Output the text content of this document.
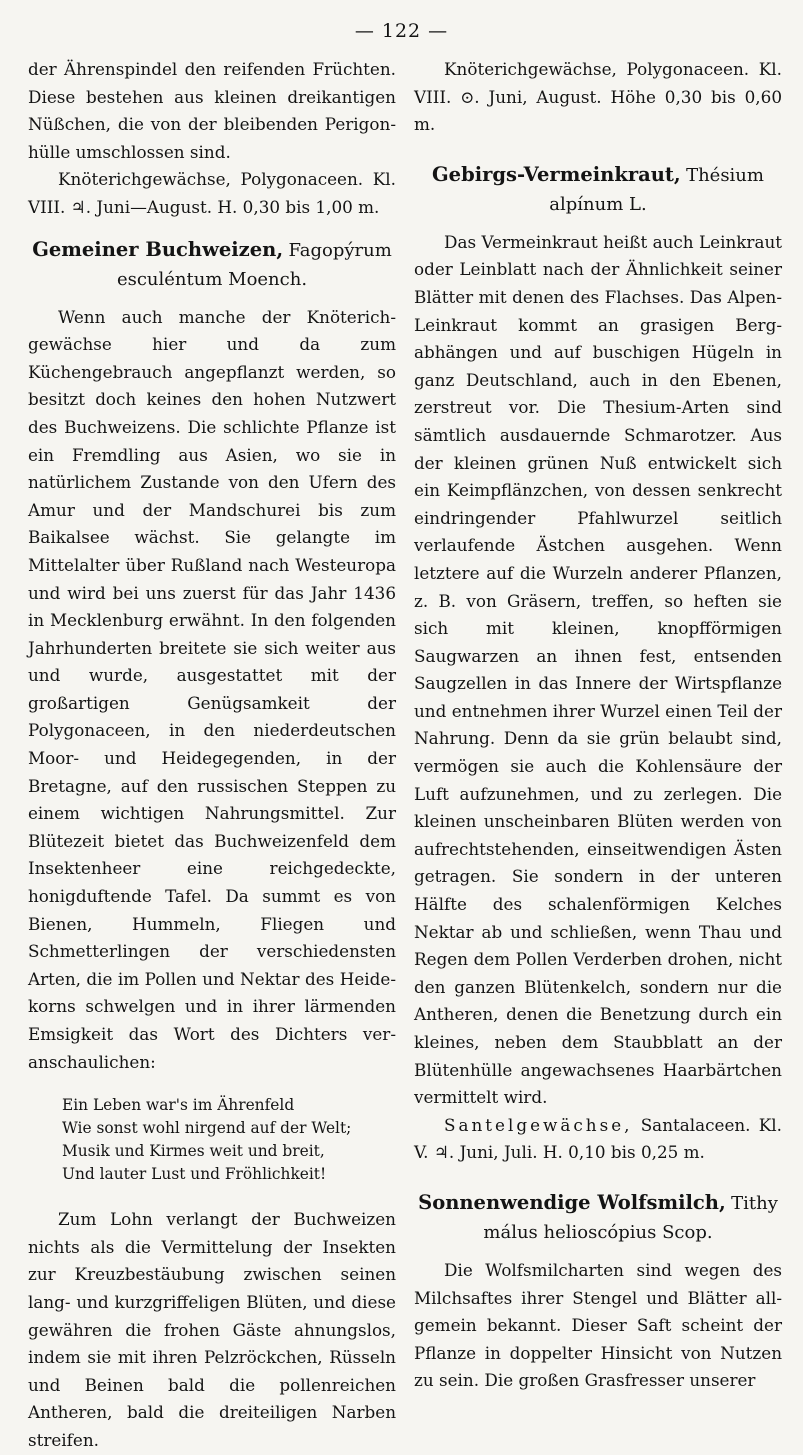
— 122 —

der Ährenspindel den reifenden Früchten. Diese bestehen aus kleinen dreikantigen Nüßchen, die von der bleibenden Perigonhülle umschlossen sind.

Knöterichgewächse, Polygonaceen. Kl. VIII. ♃. Juni—August. H. 0,30 bis 1,00 m.

Gemeiner Buchweizen, Fagopýrum esculéntum Moench.

Wenn auch manche der Knöterichgewächse hier und da zum Küchengebrauch angepflanzt werden, so besitzt doch keines den hohen Nutzwert des Buchweizens. Die schlichte Pflanze ist ein Fremdling aus Asien, wo sie in natürlichem Zustande von den Ufern des Amur und der Mandschurei bis zum Baikalsee wächst. Sie gelangte im Mittelalter über Rußland nach Westeuropa und wird bei uns zuerst für das Jahr 1436 in Mecklenburg erwähnt. In den folgenden Jahrhunderten breitete sie sich weiter aus und wurde, ausgestattet mit der großartigen Genügsamkeit der Polygonaceen, in den niederdeutschen Moor- und Heidegegenden, in der Bretagne, auf den russischen Steppen zu einem wichtigen Nahrungsmittel. Zur Blütezeit bietet das Buchweizenfeld dem Insektenheer eine reichgedeckte, honigduftende Tafel. Da summt es von Bienen, Hummeln, Fliegen und Schmetterlingen der verschiedensten Arten, die im Pollen und Nektar des Heidekorns schwelgen und in ihrer lärmenden Emsigkeit das Wort des Dichters veranschaulichen:

Ein Leben war's im Ährenfeld
Wie sonst wohl nirgend auf der Welt;
Musik und Kirmes weit und breit,
Und lauter Lust und Fröhlichkeit!

Zum Lohn verlangt der Buchweizen nichts als die Vermittelung der Insekten zur Kreuzbestäubung zwischen seinen lang- und kurzgriffeligen Blüten, und diese gewähren die frohen Gäste ahnungslos, indem sie mit ihren Pelzröckchen, Rüsseln und Beinen bald die pollenreichen Antheren, bald die dreiteiligen Narben streifen.

Knöterichgewächse, Polygonaceen. Kl. VIII. ⊙. Juni, August. Höhe 0,30 bis 0,60 m.

Gebirgs-Vermeinkraut, Thésium
alpínum L.

Das Vermeinkraut heißt auch Leinkraut oder Leinblatt nach der Ähnlichkeit seiner Blätter mit denen des Flachses. Das Alpen-Leinkraut kommt an grasigen Bergabhängen und auf buschigen Hügeln in ganz Deutschland, auch in den Ebenen, zerstreut vor. Die Thesium-Arten sind sämtlich ausdauernde Schmarotzer. Aus der kleinen grünen Nuß entwickelt sich ein Keimpflänzchen, von dessen senkrecht eindringender Pfahlwurzel seitlich verlaufende Ästchen ausgehen. Wenn letztere auf die Wurzeln anderer Pflanzen, z. B. von Gräsern, treffen, so heften sie sich mit kleinen, knopfförmigen Saugwarzen an ihnen fest, entsenden Saugzellen in das Innere der Wirtspflanze und entnehmen ihrer Wurzel einen Teil der Nahrung. Denn da sie grün belaubt sind, vermögen sie auch die Kohlensäure der Luft aufzunehmen, und zu zerlegen. Die kleinen unscheinbaren Blüten werden von aufrechtstehenden, einseitwendigen Ästen getragen. Sie sondern in der unteren Hälfte des schalenförmigen Kelches Nektar ab und schließen, wenn Thau und Regen dem Pollen Verderben drohen, nicht den ganzen Blütenkelch, sondern nur die Antheren, denen die Benetzung durch ein kleines, neben dem Staubblatt an der Blütenhülle angewachsenes Haarbärtchen vermittelt wird.

Santelgewächse, Santalaceen. Kl. V. ♃. Juni, Juli. H. 0,10 bis 0,25 m.

Sonnenwendige Wolfsmilch, Tithy
málus helioscópius Scop.

Die Wolfsmilcharten sind wegen des Milchsaftes ihrer Stengel und Blätter allgemein bekannt. Dieser Saft scheint der Pflanze in doppelter Hinsicht von Nutzen zu sein. Die großen Grasfresser unserer
